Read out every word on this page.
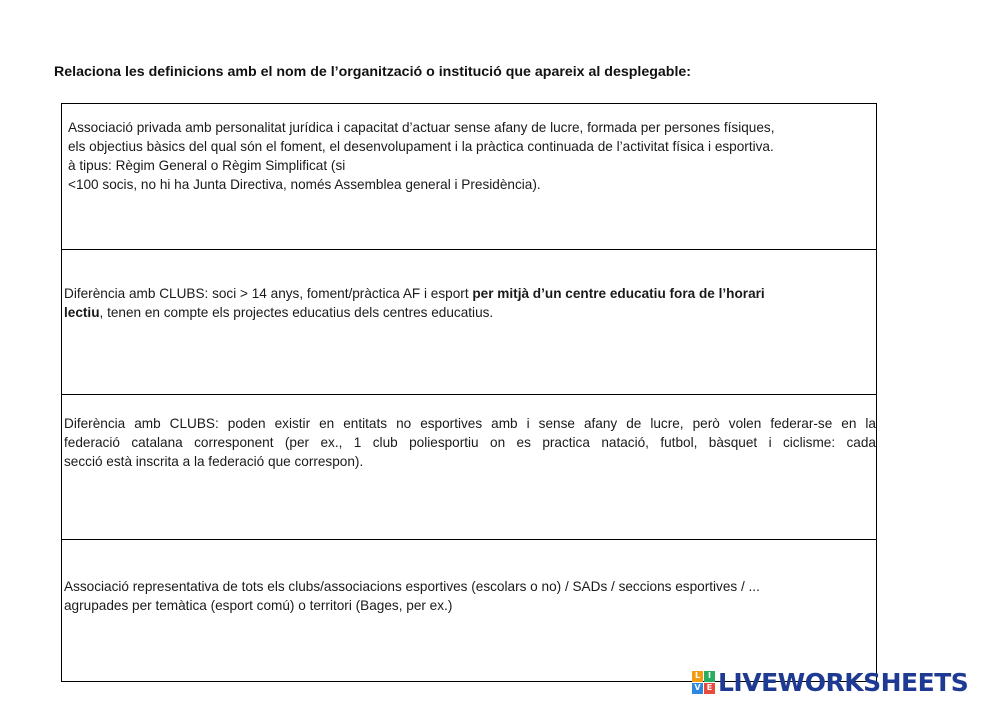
Relaciona les definicions amb el nom de l’organització o institució que apareix al desplegable:
Associació privada amb personalitat jurídica i capacitat d’actuar sense afany de lucre, formada per persones físiques,
els objectius bàsics del qual són el foment, el desenvolupament i la pràctica continuada de l’activitat física i esportiva.
à tipus: Règim General o Règim Simplificat (si
<100 socis, no hi ha Junta Directiva, només Assemblea general i Presidència).
Diferència amb CLUBS: soci > 14 anys, foment/pràctica AF i esport per mitjà d’un centre educatiu fora de l’horari
lectiu, tenen en compte els projectes educatius dels centres educatius.
Diferència amb CLUBS: poden existir en entitats no esportives amb i sense afany de lucre, però volen federar-se en la
federació catalana corresponent (per ex., 1 club poliesportiu on es practica natació, futbol, bàsquet i ciclisme: cada
secció està inscrita a la federació que correspon).
Associació representativa de tots els clubs/associacions esportives (escolars o no) / SADs / seccions esportives / ...
agrupades per temàtica (esport comú) o territori (Bages, per ex.)
L I
V E LIVEWORKSHEETS
